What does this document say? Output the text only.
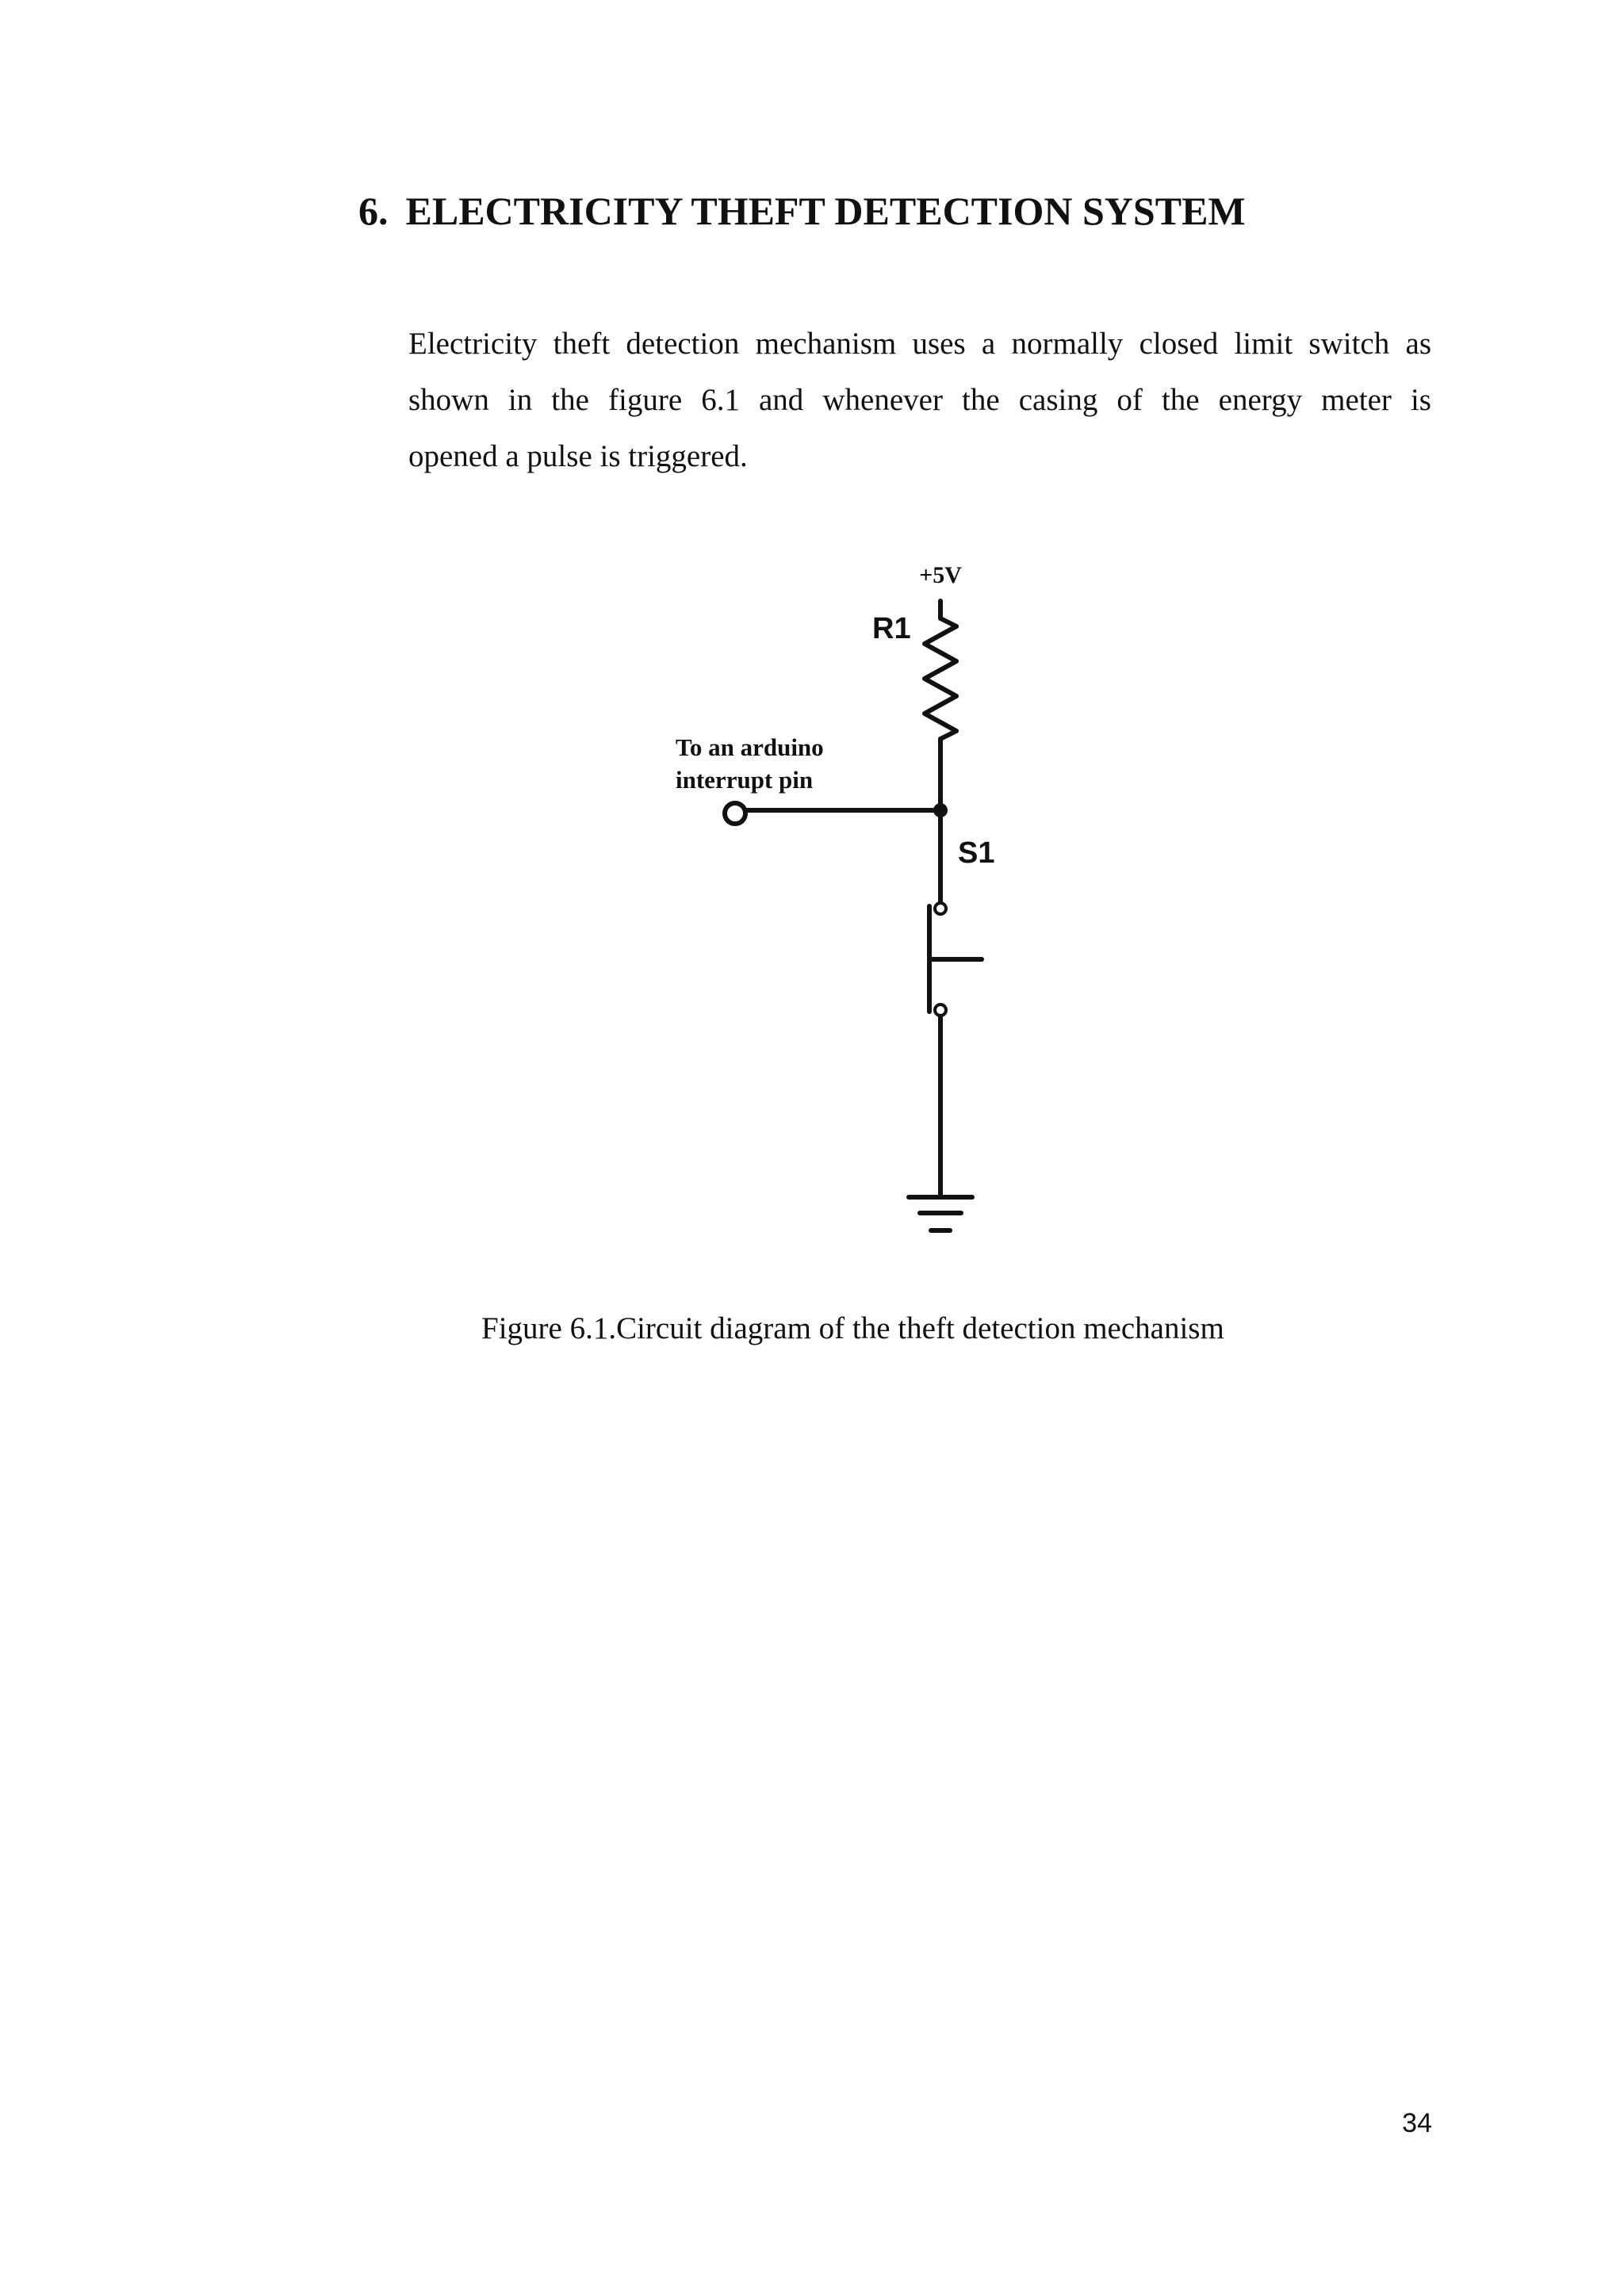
6. ELECTRICITY THEFT DETECTION SYSTEM
Electricity theft detection mechanism uses a normally closed limit switch as
shown in the figure 6.1 and whenever the casing of the energy meter is
opened a pulse is triggered.
+5V
R1
To an arduino
interrupt pin
S1
Figure 6.1.Circuit diagram of the theft detection mechanism
34
